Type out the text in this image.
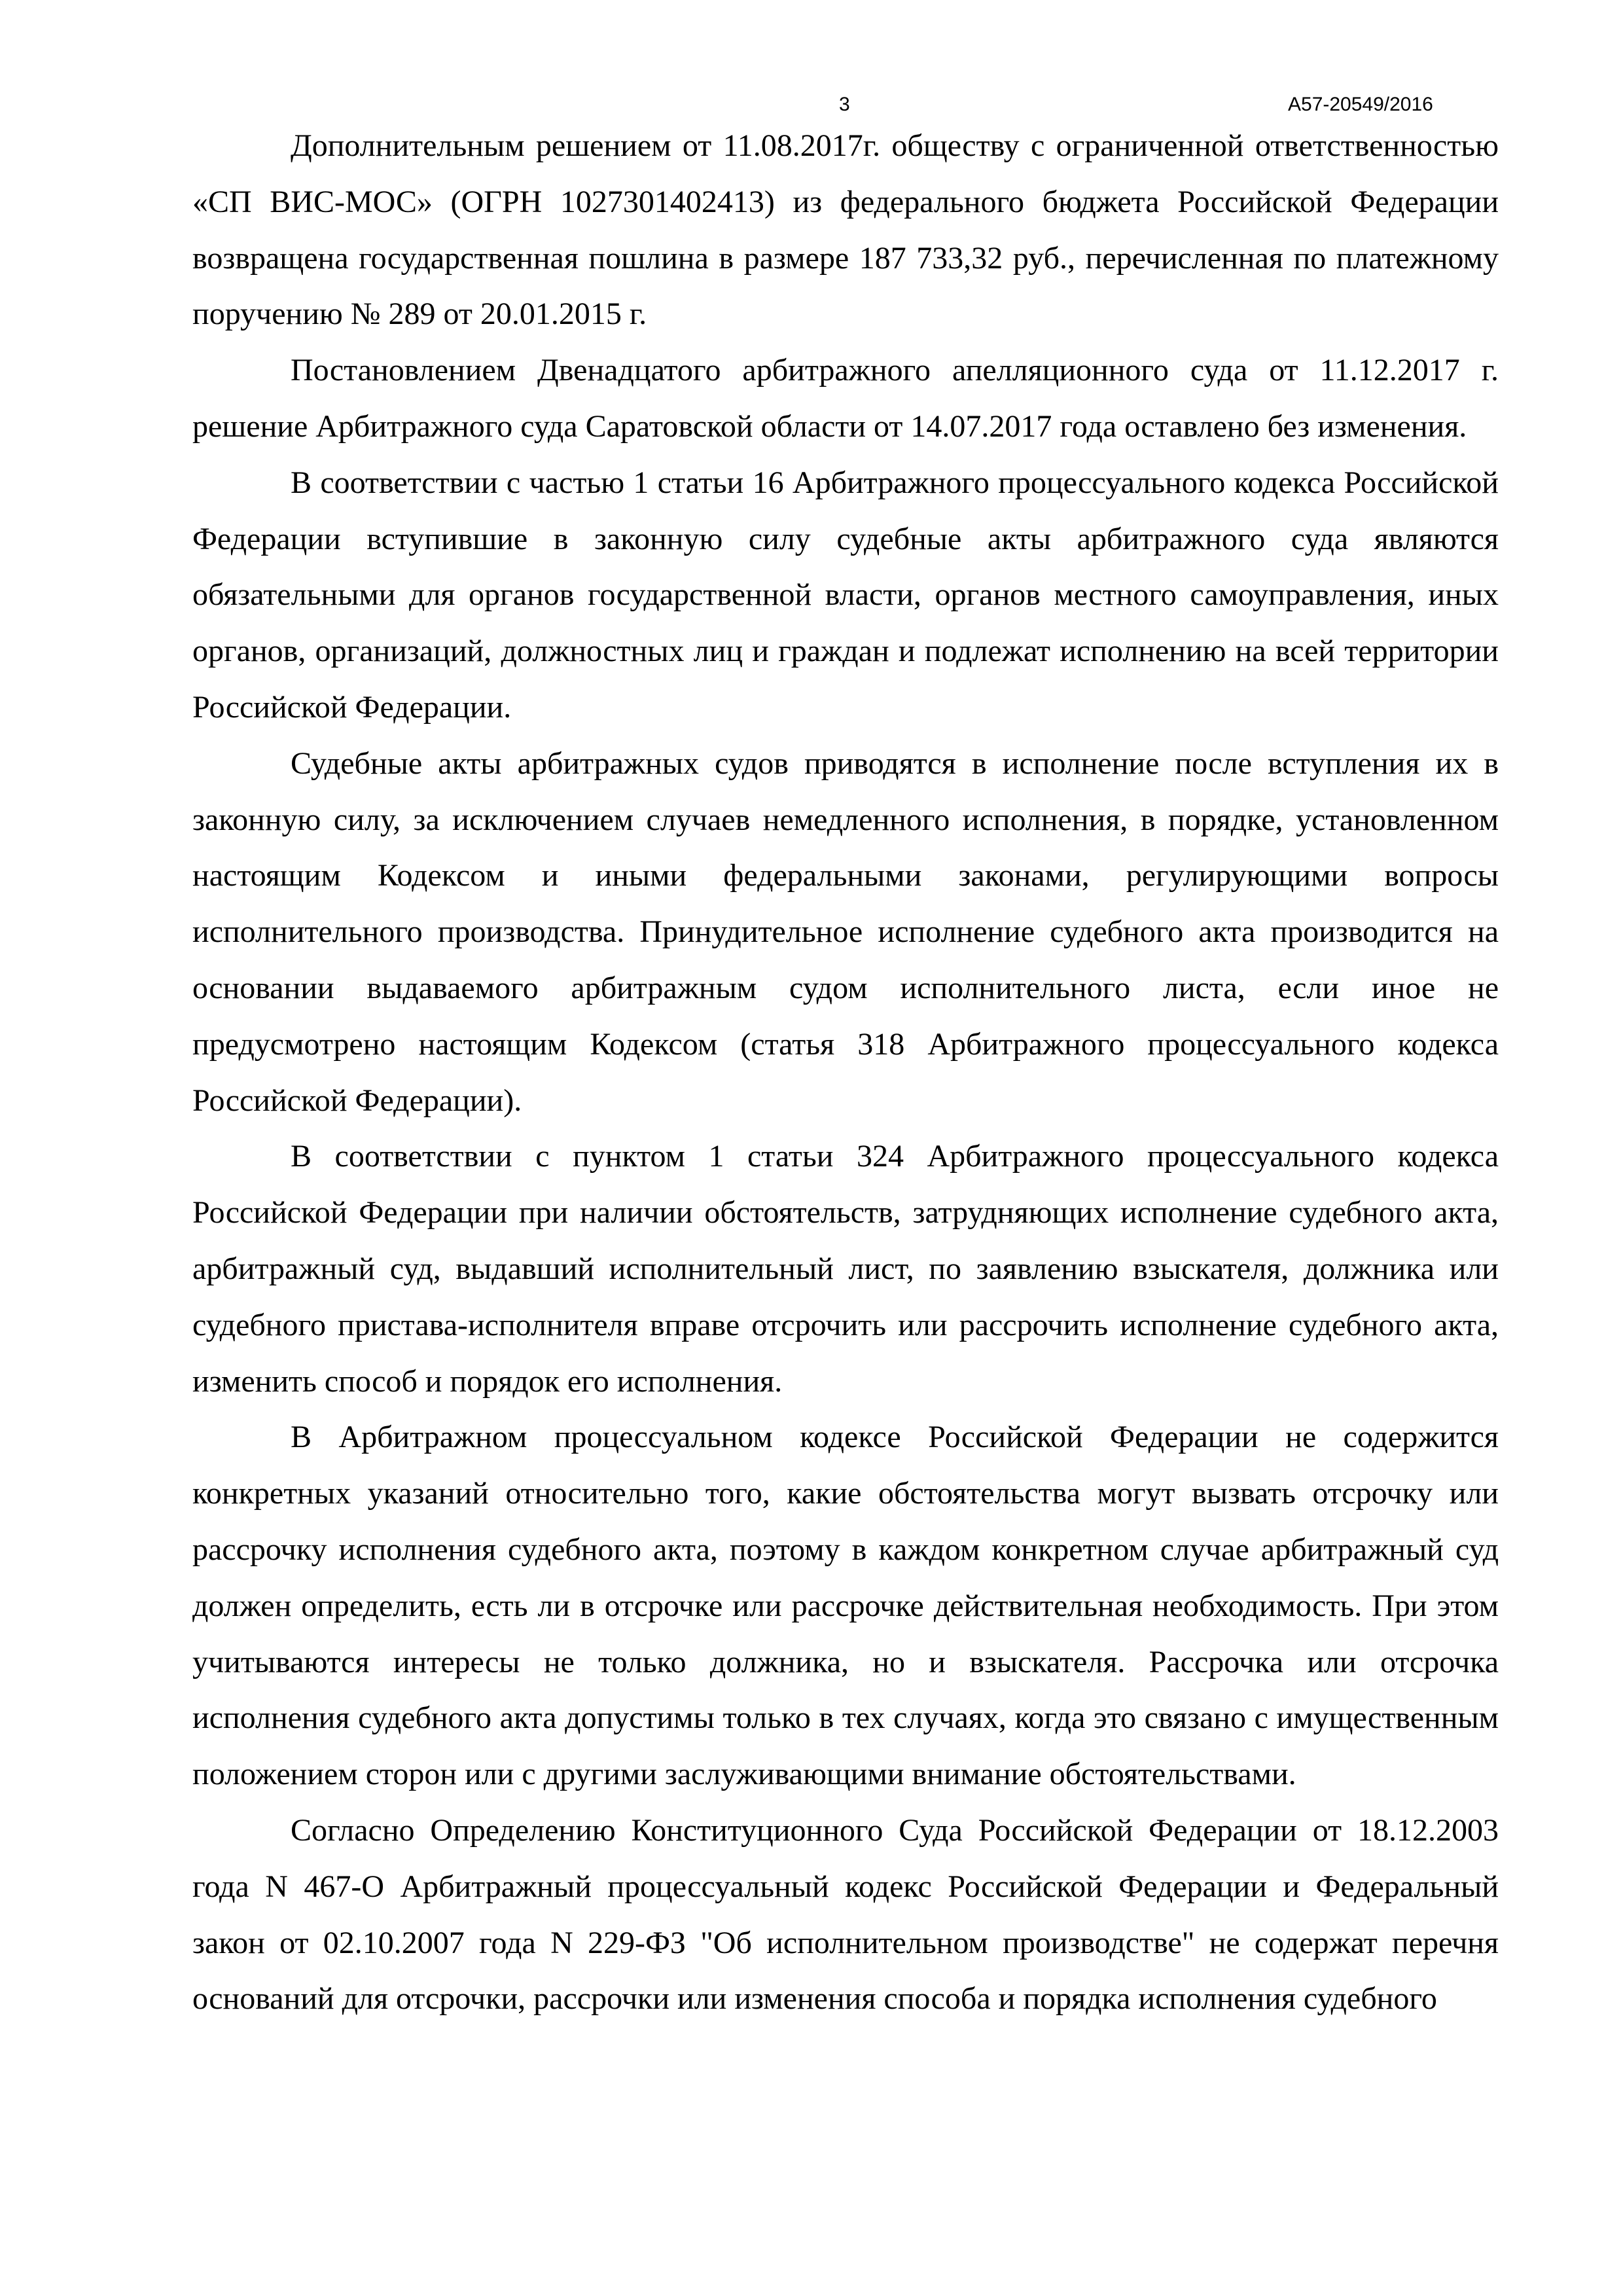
3	А57-20549/2016

Дополнительным решением от 11.08.2017г. обществу с ограниченной ответственностью «СП ВИС-МОС» (ОГРН 1027301402413) из федерального бюджета Российской Федерации возвращена государственная пошлина в размере 187 733,32 руб., перечисленная по платежному поручению № 289 от 20.01.2015 г.

Постановлением Двенадцатого арбитражного апелляционного суда от 11.12.2017 г. решение Арбитражного суда Саратовской области от 14.07.2017 года оставлено без изменения.

В соответствии с частью 1 статьи 16 Арбитражного процессуального кодекса Российской Федерации вступившие в законную силу судебные акты арбитражного суда являются обязательными для органов государственной власти, органов местного самоуправления, иных органов, организаций, должностных лиц и граждан и подлежат исполнению на всей территории Российской Федерации.

Судебные акты арбитражных судов приводятся в исполнение после вступления их в законную силу, за исключением случаев немедленного исполнения, в порядке, установленном настоящим Кодексом и иными федеральными законами, регулирующими вопросы исполнительного производства. Принудительное исполнение судебного акта производится на основании выдаваемого арбитражным судом исполнительного листа, если иное не предусмотрено настоящим Кодексом (статья 318 Арбитражного процессуального кодекса Российской Федерации).

В соответствии с пунктом 1 статьи 324 Арбитражного процессуального кодекса Российской Федерации при наличии обстоятельств, затрудняющих исполнение судебного акта, арбитражный суд, выдавший исполнительный лист, по заявлению взыскателя, должника или судебного пристава-исполнителя вправе отсрочить или рассрочить исполнение судебного акта, изменить способ и порядок его исполнения.

В Арбитражном процессуальном кодексе Российской Федерации не содержится конкретных указаний относительно того, какие обстоятельства могут вызвать отсрочку или рассрочку исполнения судебного акта, поэтому в каждом конкретном случае арбитражный суд должен определить, есть ли в отсрочке или рассрочке действительная необходимость. При этом учитываются интересы не только должника, но и взыскателя. Рассрочка или отсрочка исполнения судебного акта допустимы только в тех случаях, когда это связано с имущественным положением сторон или с другими заслуживающими внимание обстоятельствами.

Согласно Определению Конституционного Суда Российской Федерации от 18.12.2003 года N 467-О Арбитражный процессуальный кодекс Российской Федерации и Федеральный закон от 02.10.2007 года N 229-ФЗ "Об исполнительном производстве" не содержат перечня оснований для отсрочки, рассрочки или изменения способа и порядка исполнения судебного
